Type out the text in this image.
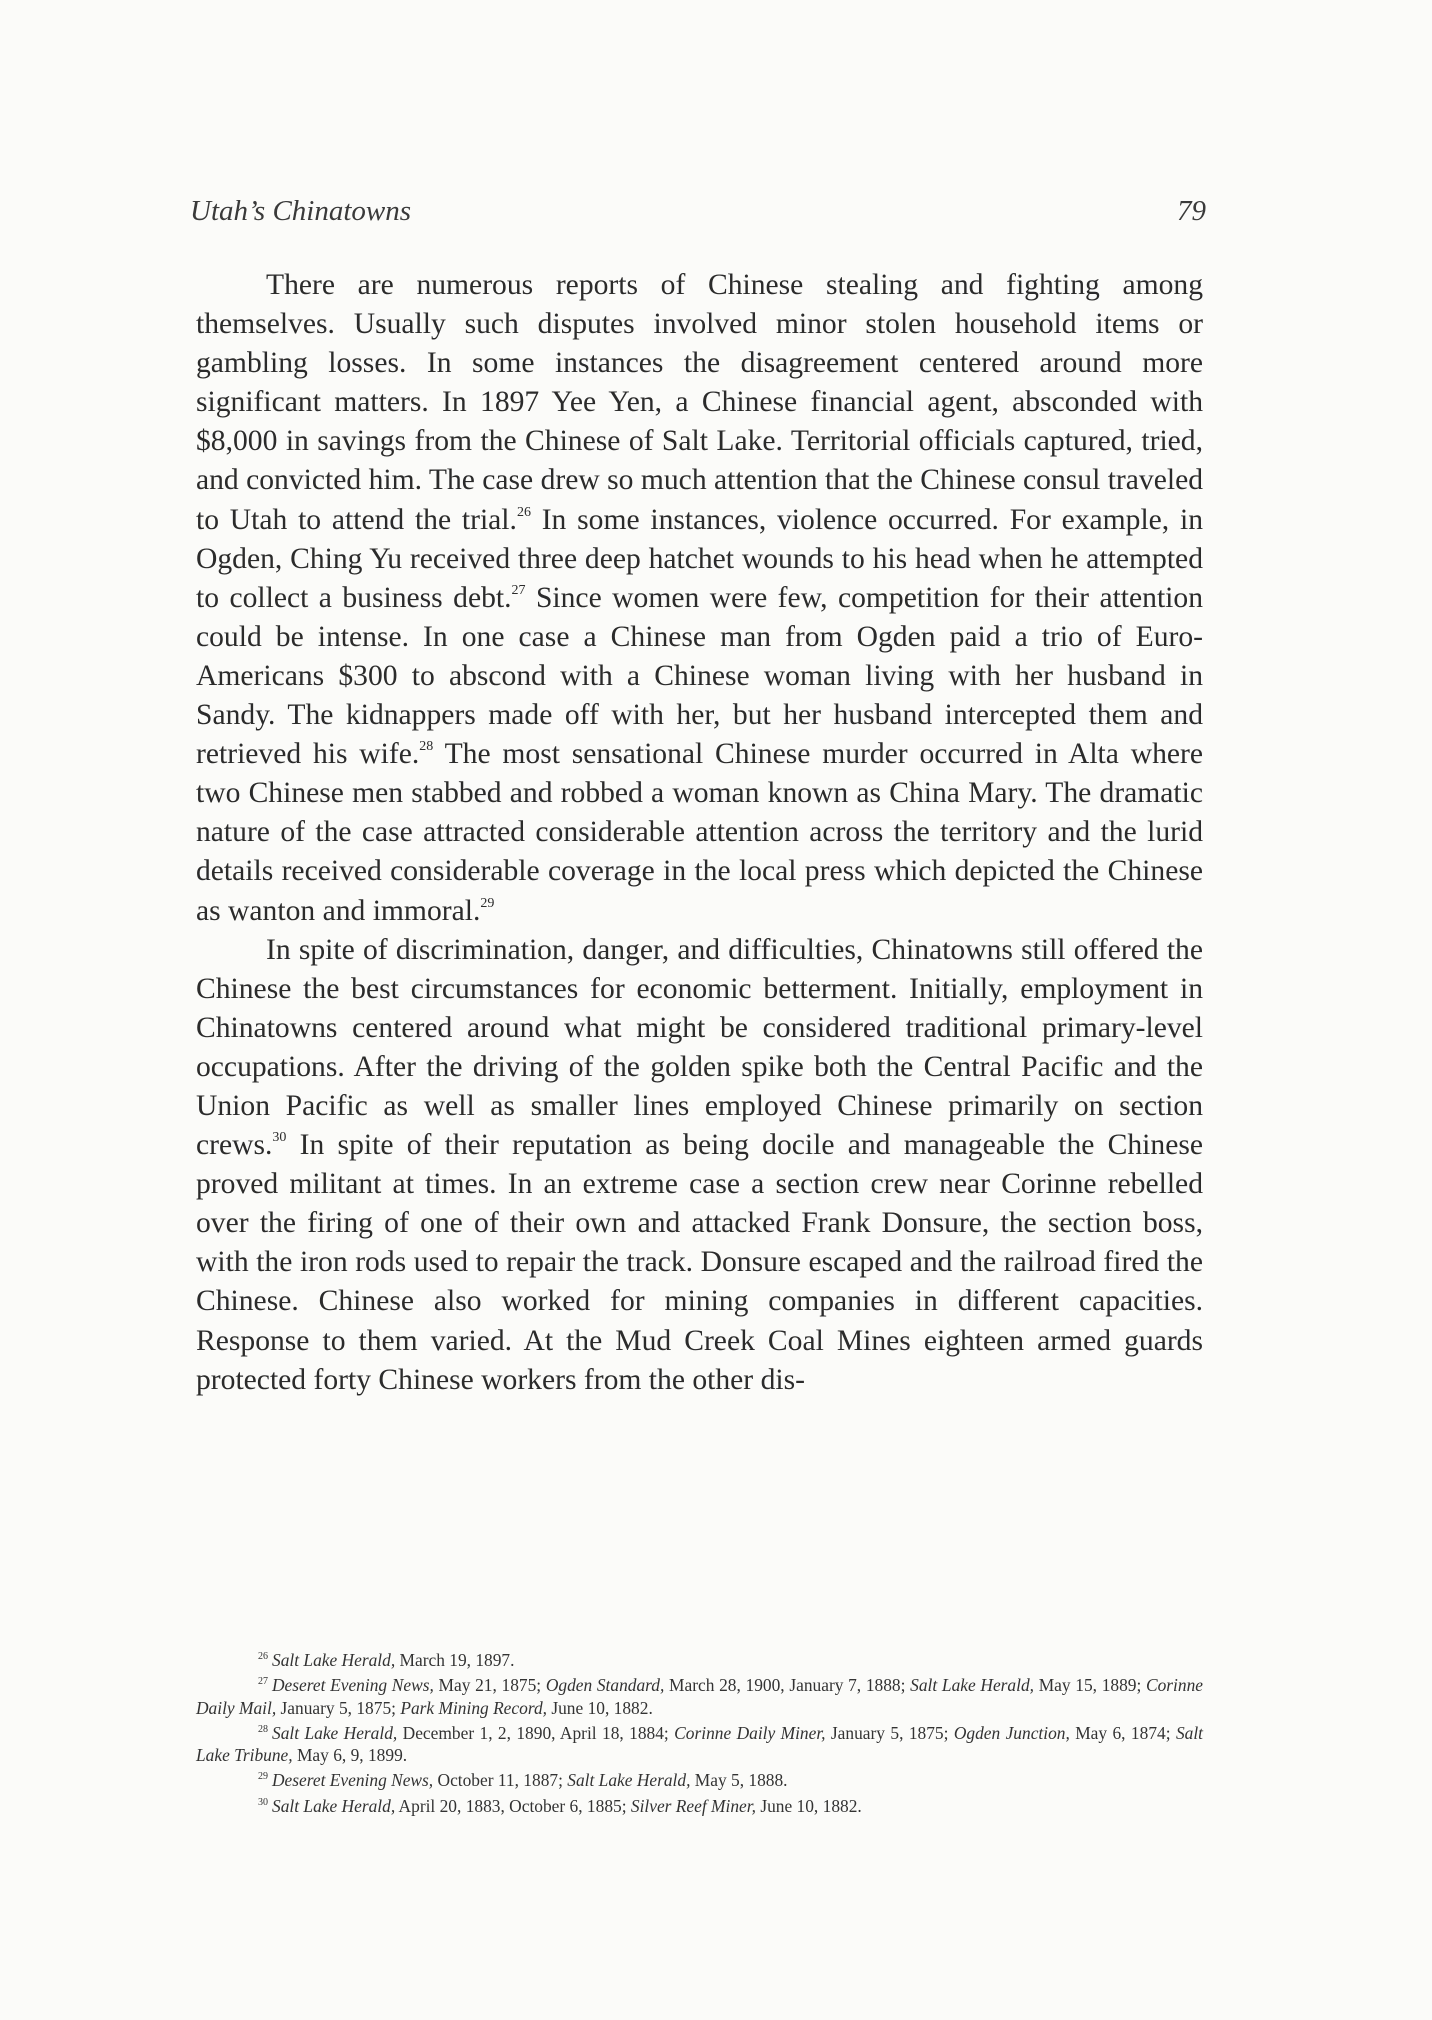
Utah’s Chinatowns	79

There are numerous reports of Chinese stealing and fighting among themselves. Usually such disputes involved minor stolen household items or gambling losses. In some instances the disagreement centered around more significant matters. In 1897 Yee Yen, a Chinese financial agent, absconded with $8,000 in savings from the Chinese of Salt Lake. Territorial officials captured, tried, and convicted him. The case drew so much attention that the Chinese consul traveled to Utah to attend the trial.$^{26}$ In some instances, violence occurred. For example, in Ogden, Ching Yu received three deep hatchet wounds to his head when he attempted to collect a business debt.$^{27}$ Since women were few, competition for their attention could be intense. In one case a Chinese man from Ogden paid a trio of Euro-Americans $300 to abscond with a Chinese woman living with her husband in Sandy. The kidnappers made off with her, but her husband intercepted them and retrieved his wife.$^{28}$ The most sensational Chinese murder occurred in Alta where two Chinese men stabbed and robbed a woman known as China Mary. The dramatic nature of the case attracted considerable attention across the territory and the lurid details received considerable coverage in the local press which depicted the Chinese as wanton and immoral.$^{29}$

In spite of discrimination, danger, and difficulties, Chinatowns still offered the Chinese the best circumstances for economic betterment. Initially, employment in Chinatowns centered around what might be considered traditional primary-level occupations. After the driving of the golden spike both the Central Pacific and the Union Pacific as well as smaller lines employed Chinese primarily on section crews.$^{30}$ In spite of their reputation as being docile and manageable the Chinese proved militant at times. In an extreme case a section crew near Corinne rebelled over the firing of one of their own and attacked Frank Donsure, the section boss, with the iron rods used to repair the track. Donsure escaped and the railroad fired the Chinese. Chinese also worked for mining companies in different capacities. Response to them varied. At the Mud Creek Coal Mines eighteen armed guards protected forty Chinese workers from the other dis-

$^{26}$ Salt Lake Herald, March 19, 1897.

$^{27}$ Deseret Evening News, May 21, 1875; Ogden Standard, March 28, 1900, January 7, 1888; Salt Lake Herald, May 15, 1889; Corinne Daily Mail, January 5, 1875; Park Mining Record, June 10, 1882.

$^{28}$ Salt Lake Herald, December 1, 2, 1890, April 18, 1884; Corinne Daily Miner, January 5, 1875; Ogden Junction, May 6, 1874; Salt Lake Tribune, May 6, 9, 1899.

$^{29}$ Deseret Evening News, October 11, 1887; Salt Lake Herald, May 5, 1888.

$^{30}$ Salt Lake Herald, April 20, 1883, October 6, 1885; Silver Reef Miner, June 10, 1882.
